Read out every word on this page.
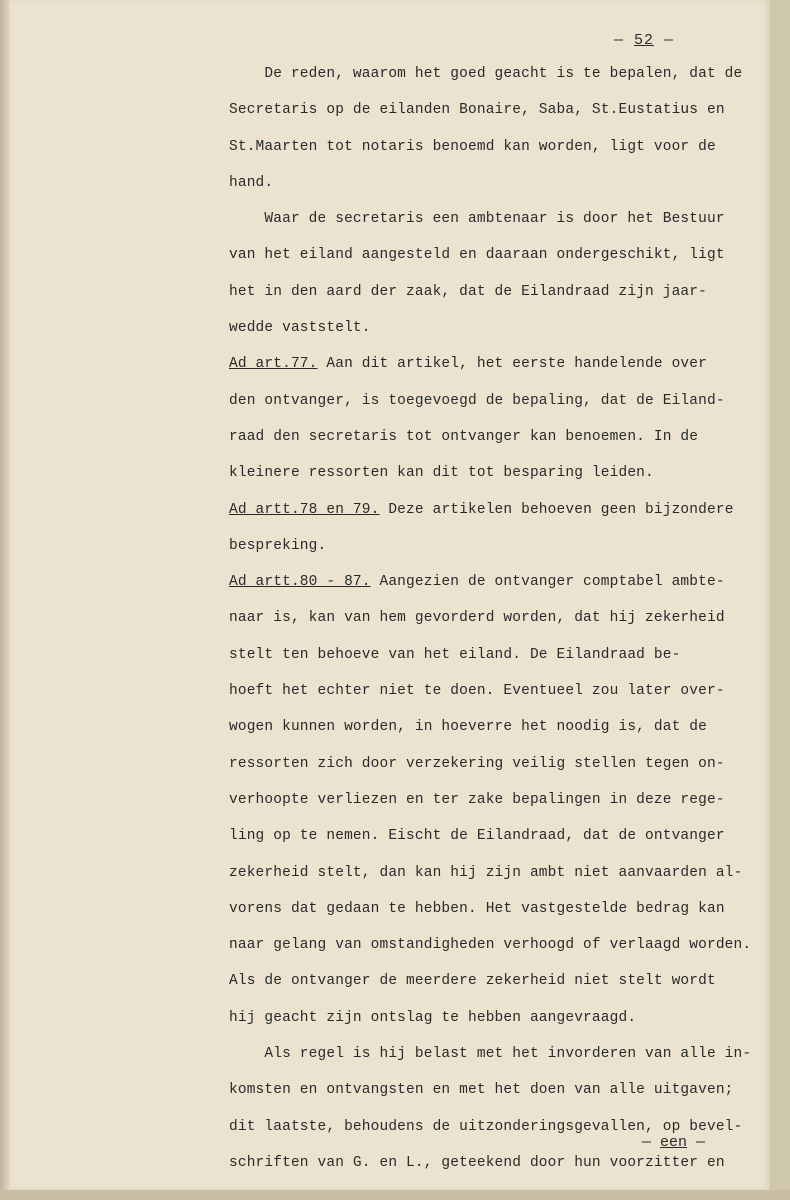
— 52 —
De reden, waarom het goed geacht is te bepalen, dat de
Secretaris op de eilanden Bonaire, Saba, St.Eustatius en
St.Maarten tot notaris benoemd kan worden, ligt voor de
hand.
Waar de secretaris een ambtenaar is door het Bestuur
van het eiland aangesteld en daaraan ondergeschikt, ligt
het in den aard der zaak, dat de Eilandraad zijn jaar-
wedde vaststelt.
Ad art.77. Aan dit artikel, het eerste handelende over
den ontvanger, is toegevoegd de bepaling, dat de Eiland-
raad den secretaris tot ontvanger kan benoemen. In de
kleinere ressorten kan dit tot besparing leiden.
Ad artt.78 en 79. Deze artikelen behoeven geen bijzondere
bespreking.
Ad artt.80 - 87. Aangezien de ontvanger comptabel ambte-
naar is, kan van hem gevorderd worden, dat hij zekerheid
stelt ten behoeve van het eiland. De Eilandraad be-
hoeft het echter niet te doen. Eventueel zou later over-
wogen kunnen worden, in hoeverre het noodig is, dat de
ressorten zich door verzekering veilig stellen tegen on-
verhoopte verliezen en ter zake bepalingen in deze rege-
ling op te nemen. Eischt de Eilandraad, dat de ontvanger
zekerheid stelt, dan kan hij zijn ambt niet aanvaarden al-
vorens dat gedaan te hebben. Het vastgestelde bedrag kan
naar gelang van omstandigheden verhoogd of verlaagd worden.
Als de ontvanger de meerdere zekerheid niet stelt wordt
hij geacht zijn ontslag te hebben aangevraagd.
Als regel is hij belast met het invorderen van alle in-
komsten en ontvangsten en met het doen van alle uitgaven;
dit laatste, behoudens de uitzonderingsgevallen, op bevel-
schriften van G. en L., geteekend door hun voorzitter en
— een —
